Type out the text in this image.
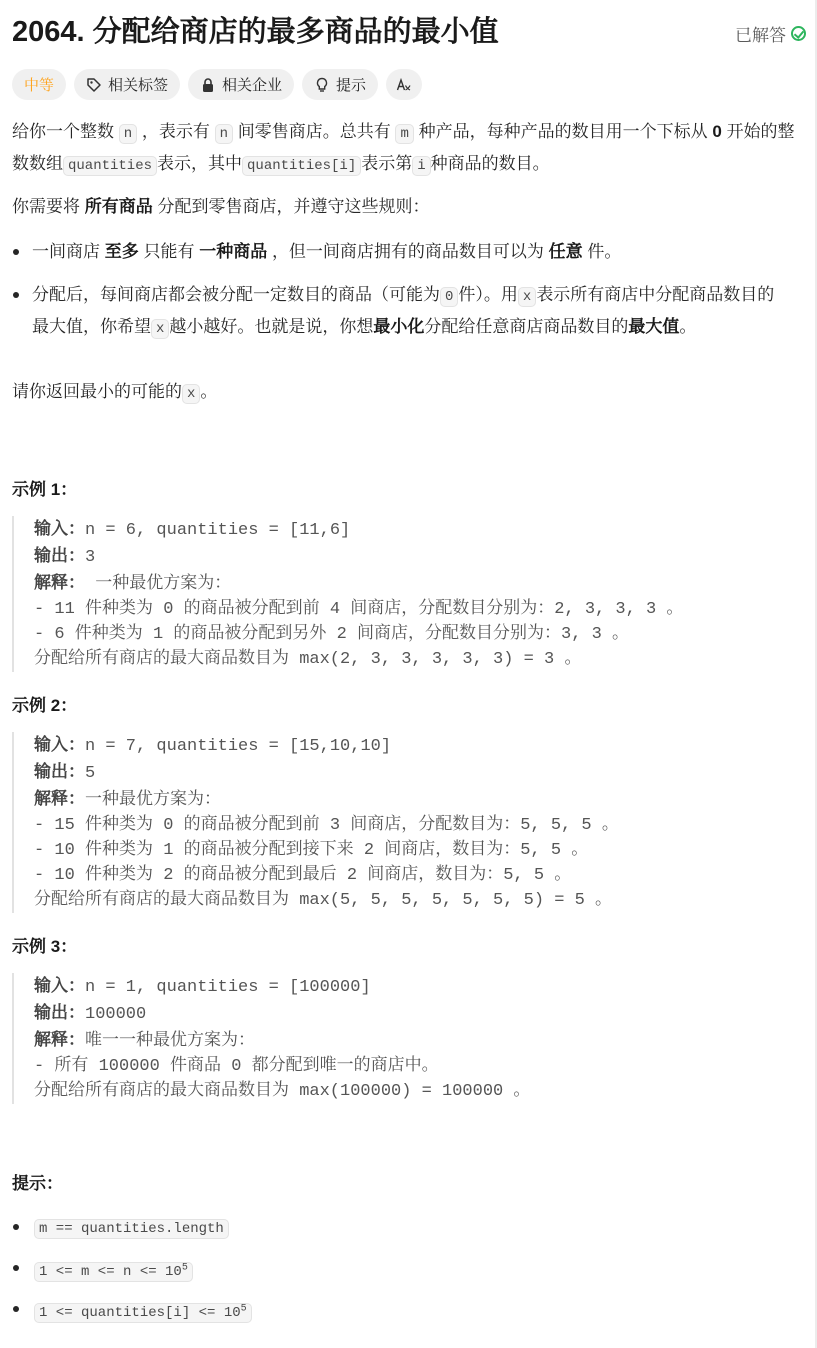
2064. 分配给商店的最多商品的最小值	已解答
中等	相关标签	相关企业	提示
给你一个整数 n ，表示有 n 间零售商店。总共有 m 种产品，每种产品的数目用一个下标从 0 开始的整数数组 quantities 表示，其中 quantities[i] 表示第 i 种商品的数目。
你需要将 所有商品 分配到零售商店，并遵守这些规则：
一间商店 至多 只能有 一种商品 ，但一间商店拥有的商品数目可以为 任意 件。
分配后，每间商店都会被分配一定数目的商品（可能为 0 件）。用 x 表示所有商店中分配商品数目的最大值，你希望 x 越小越好。也就是说，你想最小化分配给任意商店商品数目的最大值。
请你返回最小的可能的 x 。
示例 1：
输入：n = 6, quantities = [11,6]
输出：3
解释： 一种最优方案为：
- 11 件种类为 0 的商品被分配到前 4 间商店，分配数目分别为：2, 3, 3, 3 。
- 6 件种类为 1 的商品被分配到另外 2 间商店，分配数目分别为：3, 3 。
分配给所有商店的最大商品数目为 max(2, 3, 3, 3, 3, 3) = 3 。
示例 2：
输入：n = 7, quantities = [15,10,10]
输出：5
解释：一种最优方案为：
- 15 件种类为 0 的商品被分配到前 3 间商店，分配数目为：5, 5, 5 。
- 10 件种类为 1 的商品被分配到接下来 2 间商店，数目为：5, 5 。
- 10 件种类为 2 的商品被分配到最后 2 间商店，数目为：5, 5 。
分配给所有商店的最大商品数目为 max(5, 5, 5, 5, 5, 5, 5) = 5 。
示例 3：
输入：n = 1, quantities = [100000]
输出：100000
解释：唯一一种最优方案为：
- 所有 100000 件商品 0 都分配到唯一的商店中。
分配给所有商店的最大商品数目为 max(100000) = 100000 。
提示：
m == quantities.length
$1 <= m <= n <= 10^5$
1 <= quantities[i] <= $10^5$
